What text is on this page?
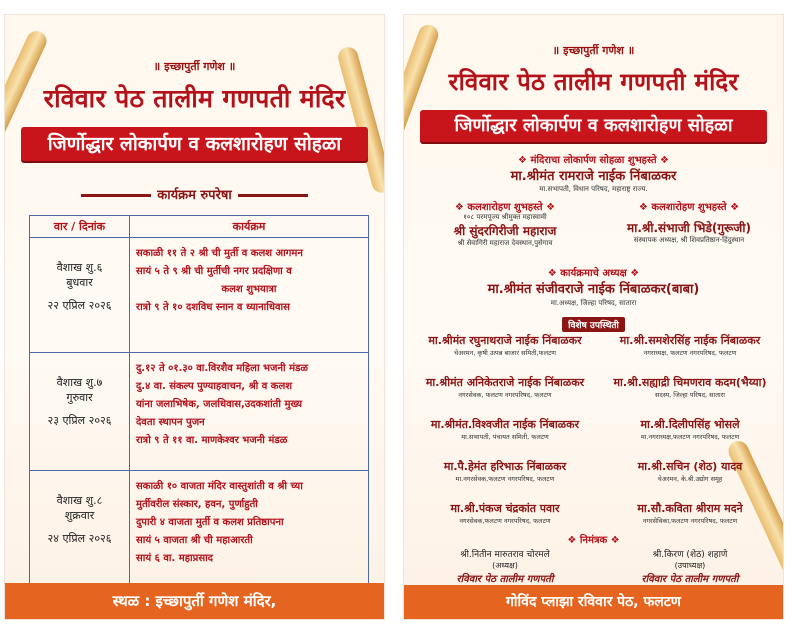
॥ इच्छापुर्ती गणेश ॥
रविवार पेठ तालीम गणपती मंदिर
जिर्णोद्धार लोकार्पण व कलशारोहण सोहळा
कार्यक्रम रुपरेषा
वार / दिनांक	कार्यक्रम
वैशाख शु.६
बुधवार
२२ एप्रिल २०२६
सकाळी ११ ते २ श्री ची मुर्ती व कलश आगमन
सायं ५ ते ९ श्री ची मुर्तीची नगर प्रदक्षिणा व
कलश शुभयात्रा
रात्रो ९ ते १० दशविध स्नान व ध्यानाधिवास
वैशाख शु.७
गुरुवार
२३ एप्रिल २०२६
दु.१२ ते ०१.३० वा.विरशैव महिला भजनी मंडळ
दु.४ वा. संकल्प पुण्याहवाचन, श्री व कलश
यांना जलाभिषेक, जलधिवास,उदकशांती मुख्य
देवता स्थापन पुजन
रात्रो ९ ते ११ वा. माणकेश्वर भजनी मंडळ
वैशाख शु.८
शुक्रवार
२४ एप्रिल २०२६
सकाळी १० वाजता मंदिर वास्तुशांती व श्री च्या
मुर्तीवरील संस्कार, हवन, पुर्णाहुती
दुपारी ४ वाजता मुर्ती व कलश प्रतिष्ठापना
सायं ५ वाजता श्री ची महाआरती
सायं ६ वा. महाप्रसाद
स्थळ : इच्छापुर्ती गणेश मंदिर,
॥ इच्छापुर्ती गणेश ॥
रविवार पेठ तालीम गणपती मंदिर
जिर्णोद्धार लोकार्पण व कलशारोहण सोहळा
❖ मंदिराचा लोकार्पण सोहळा शुभहस्ते ❖
मा.श्रीमंत रामराजे नाईक निंबाळकर
मा.सभापती, विधान परिषद, महाराष्ट्र राज्य.
❖ कलशारोहण शुभहस्ते ❖
१०८ परमपूज्य श्रीमुक्त महास्वामी
श्री सुंदरगिरीजी महाराज
श्री सेवागिरी महाराज देवस्थान,पुसेगाव
❖ कलशारोहण शुभहस्ते ❖
मा.श्री.संभाजी भिडे(गुरूजी)
संस्थापक अध्यक्ष, श्री शिवप्रतिष्ठान-हिंदुस्थान
❖ कार्यक्रमाचे अध्यक्ष ❖
मा.श्रीमंत संजीवराजे नाईक निंबाळकर(बाबा)
मा.अध्यक्ष, जिल्हा परिषद, सातारा
विशेष उपस्थिती
मा.श्रीमंत रघुनाथराजे नाईक निंबाळकर
चेअरमन, कृषी उत्पन्न बाजार समिती,फलटण
मा.श्रीमंत अनिकेतराजे नाईक निंबाळकर
नगरसेवक, फलटण नगरपरिषद, फलटण
मा.श्रीमंत.विश्वजीत नाईक निंबाळकर
मा.सभापती, पंचायत समिती, फलटण
मा.पै.हेमंत हरिभाऊ निंबाळकर
मा.नगरसेवक,फलटण नगरपरिषद, फलटण
मा.श्री.पंकज चंद्रकांत पवार
नगरसेवक,फलटण नगरपरिषद, फलटण
मा.श्री.समशेरसिंह नाईक निंबाळकर
नगराध्यक्ष, फलटण नगरपरिषद, फलटण
मा.श्री.सह्याद्री चिमणराव कदम(भैय्या)
सदस्य, जिल्हा परिषद, सातारा
मा.श्री.दिलीपसिंह भोसले
मा.नगराध्यक्ष,फलटण नगरपरिषद, फलटण
मा.श्री.सचिन (शेठ) यादव
चेअरमन, के.बी.उद्योग समूह
मा.सौ.कविता श्रीराम मदने
नगरसेविका,फलटण नगरपरिषद, फलटण
❖ निमंत्रक ❖
श्री.नितीन मारुतराव चोरमले
(अध्यक्ष)
रविवार पेठ तालीम गणपती
श्री.किरण (शेठ) शहाणे
(उपाध्यक्ष)
रविवार पेठ तालीम गणपती
गोविंद प्लाझा रविवार पेठ, फलटण
